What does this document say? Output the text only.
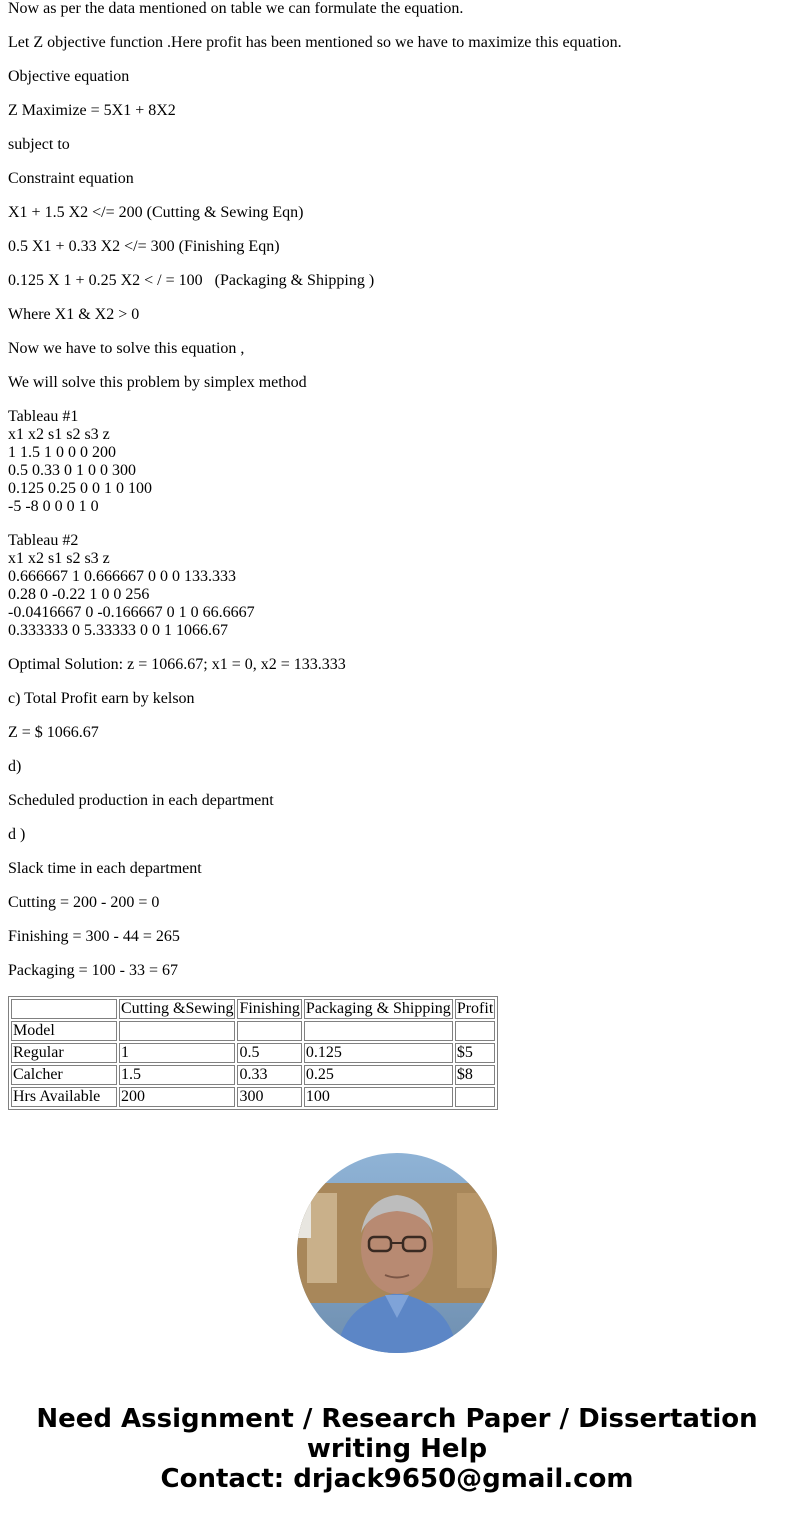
Now as per the data mentioned on table we can formulate the equation.

Let Z objective function .Here profit has been mentioned so we have to maximize this equation.

Objective equation

Z Maximize = 5X1 + 8X2

subject to

Constraint equation

X1 + 1.5 X2 </= 200 (Cutting & Sewing Eqn)

0.5 X1 + 0.33 X2 </= 300 (Finishing Eqn)

0.125 X 1 + 0.25 X2 < / = 100   (Packaging & Shipping )

Where X1 & X2 > 0

Now we have to solve this equation ,

We will solve this problem by simplex method

Tableau #1

x1 x2 s1 s2 s3 z

1 1.5 1 0 0 0 200

0.5 0.33 0 1 0 0 300

0.125 0.25 0 0 1 0 100

-5 -8 0 0 0 1 0

Tableau #2

x1 x2 s1 s2 s3 z

0.666667 1 0.666667 0 0 0 133.333

0.28 0 -0.22 1 0 0 256

-0.0416667 0 -0.166667 0 1 0 66.6667

0.333333 0 5.33333 0 0 1 1066.67

Optimal Solution: z = 1066.67; x1 = 0, x2 = 133.333

c) Total Profit earn by kelson

Z = $ 1066.67

d)

Scheduled production in each department

d )

Slack time in each department

Cutting = 200 - 200 = 0

Finishing = 300 - 44 = 265

Packaging = 100 - 33 = 67

	Cutting &Sewing	Finishing	Packaging & Shipping	Profit
Model				
Regular	1	0.5	0.125	$5
Calcher	1.5	0.33	0.25	$8
Hrs Available	200	300	100	
Need Assignment / Research Paper / Dissertation
writing Help
Contact: drjack9650@gmail.com
